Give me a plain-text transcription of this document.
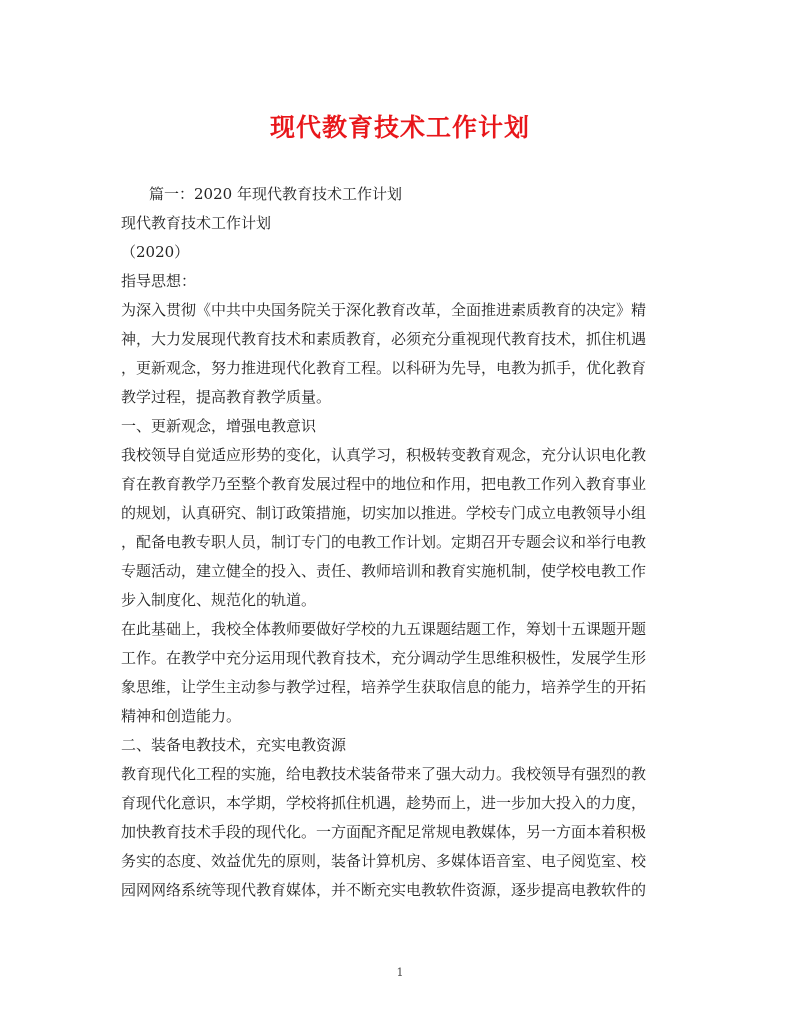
现代教育技术工作计划
篇一：2020 年现代教育技术工作计划
现代教育技术工作计划
（2020）
指导思想：
为深入贯彻《中共中央国务院关于深化教育改革，全面推进素质教育的决定》精
神，大力发展现代教育技术和素质教育，必须充分重视现代教育技术，抓住机遇
，更新观念，努力推进现代化教育工程。以科研为先导，电教为抓手，优化教育
教学过程，提高教育教学质量。
一、更新观念，增强电教意识
我校领导自觉适应形势的变化，认真学习，积极转变教育观念，充分认识电化教
育在教育教学乃至整个教育发展过程中的地位和作用，把电教工作列入教育事业
的规划，认真研究、制订政策措施，切实加以推进。学校专门成立电教领导小组
，配备电教专职人员，制订专门的电教工作计划。定期召开专题会议和举行电教
专题活动，建立健全的投入、责任、教师培训和教育实施机制，使学校电教工作
步入制度化、规范化的轨道。
在此基础上，我校全体教师要做好学校的九五课题结题工作，筹划十五课题开题
工作。在教学中充分运用现代教育技术，充分调动学生思维积极性，发展学生形
象思维，让学生主动参与教学过程，培养学生获取信息的能力，培养学生的开拓
精神和创造能力。
二、装备电教技术，充实电教资源
教育现代化工程的实施，给电教技术装备带来了强大动力。我校领导有强烈的教
育现代化意识，本学期，学校将抓住机遇，趁势而上，进一步加大投入的力度，
加快教育技术手段的现代化。一方面配齐配足常规电教媒体，另一方面本着积极
务实的态度、效益优先的原则，装备计算机房、多媒体语音室、电子阅览室、校
园网网络系统等现代教育媒体，并不断充实电教软件资源，逐步提高电教软件的
1
